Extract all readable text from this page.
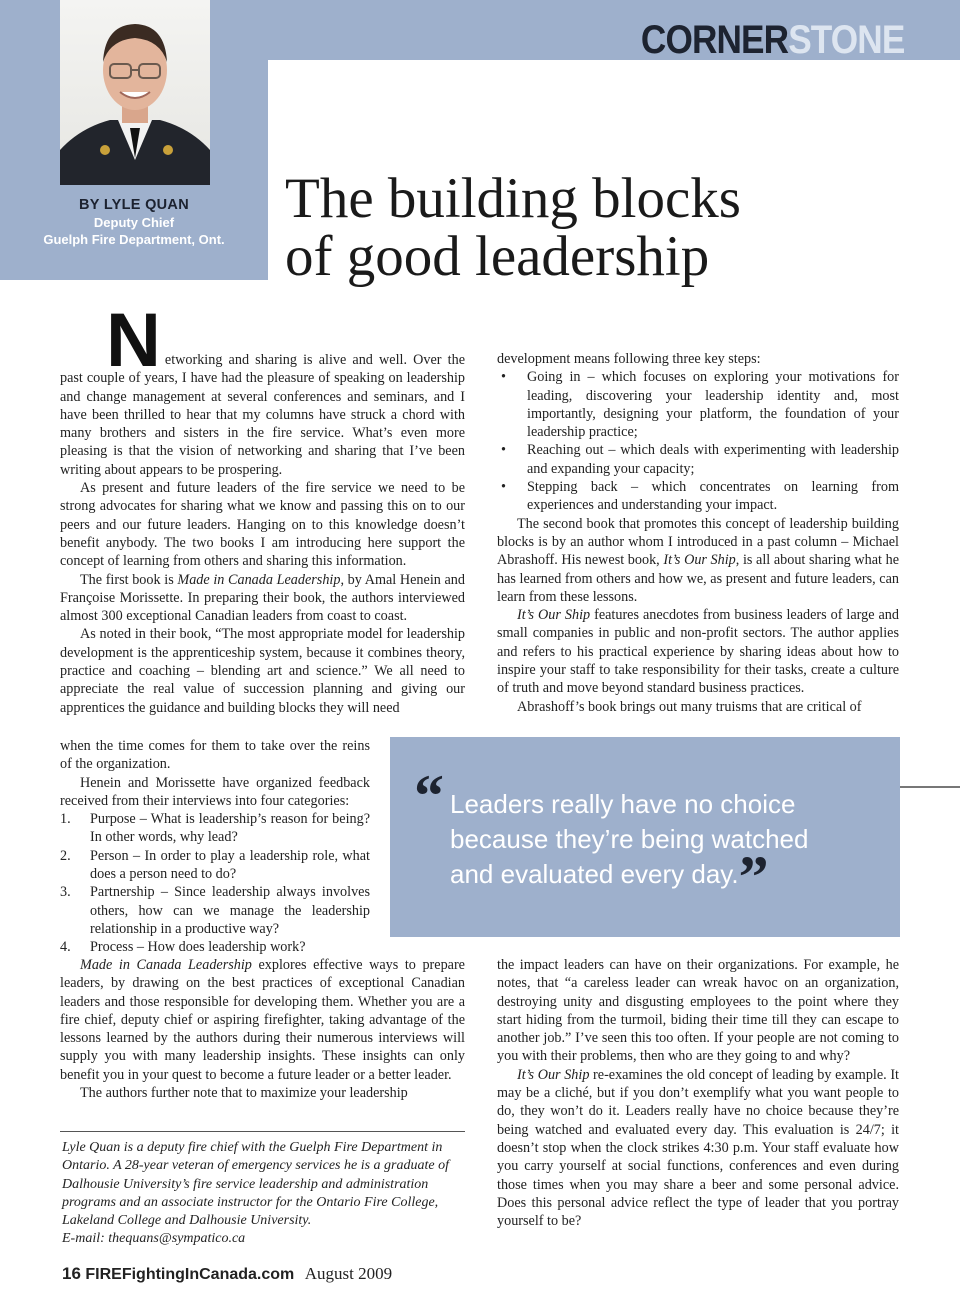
CORNERSTONE
BY LYLE QUAN
Deputy Chief
Guelph Fire Department, Ont.
The building blocks
of good leadership

Networking and sharing is alive and well. Over the past couple of years, I have had the pleasure of speaking on leadership and change management at several conferences and seminars, and I have been thrilled to hear that my columns have struck a chord with many brothers and sisters in the fire service. What’s even more pleasing is that the vision of networking and sharing that I’ve been writing about appears to be prospering.

As present and future leaders of the fire service we need to be strong advocates for sharing what we know and passing this on to our peers and our future leaders. Hanging on to this knowledge doesn’t benefit anybody. The two books I am introducing here support the concept of learning from others and sharing this information.

The first book is Made in Canada Leadership, by Amal Henein and Françoise Morissette. In preparing their book, the authors interviewed almost 300 exceptional Canadian leaders from coast to coast.

As noted in their book, “The most appropriate model for leadership development is the apprenticeship system, because it combines theory, practice and coaching – blending art and science.” We all need to appreciate the real value of succession planning and giving our apprentices the guidance and building blocks they will need

when the time comes for them to take over the reins of the organization.

Henein and Morissette have organized feedback received from their interviews into four categories:

1. Purpose – What is leadership’s reason for being? In other words, why lead?
2. Person – In order to play a leadership role, what does a person need to do?
3. Partnership – Since leadership always involves others, how can we manage the leadership relationship in a productive way?
4. Process – How does leadership work?

Made in Canada Leadership explores effective ways to prepare leaders, by drawing on the best practices of exceptional Canadian leaders and those responsible for developing them. Whether you are a fire chief, deputy chief or aspiring firefighter, taking advantage of the lessons learned by the authors during their numerous interviews will supply you with many leadership insights. These insights can only benefit you in your quest to become a future leader or a better leader.

The authors further note that to maximize your leadership

development means following three key steps:

• Going in – which focuses on exploring your motivations for leading, discovering your leadership identity and, most importantly, designing your platform, the foundation of your leadership practice;
• Reaching out – which deals with experimenting with leadership and expanding your capacity;
• Stepping back – which concentrates on learning from experiences and understanding your impact.

The second book that promotes this concept of leadership building blocks is by an author whom I introduced in a past column – Michael Abrashoff. His newest book, It’s Our Ship, is all about sharing what he has learned from others and how we, as present and future leaders, can learn from these lessons.

It’s Our Ship features anecdotes from business leaders of large and small companies in public and non-profit sectors. The author applies and refers to his practical experience by sharing ideas about how to inspire your staff to take responsibility for their tasks, create a culture of truth and move beyond standard business practices.

Abrashoff’s book brings out many truisms that are critical of

“ Leaders really have no choice
because they’re being watched
and evaluated every day.”

the impact leaders can have on their organizations. For example, he notes, that “a careless leader can wreak havoc on an organization, destroying unity and disgusting employees to the point where they start hiding from the turmoil, biding their time till they can escape to another job.” I’ve seen this too often. If your people are not coming to you with their problems, then who are they going to and why?

It’s Our Ship re-examines the old concept of leading by example. It may be a cliché, but if you don’t exemplify what you want people to do, they won’t do it. Leaders really have no choice because they’re being watched and evaluated every day. This evaluation is 24/7; it doesn’t stop when the clock strikes 4:30 p.m. Your staff evaluate how you carry yourself at social functions, conferences and even during those times when you may share a beer and some personal advice. Does this personal advice reflect the type of leader that you portray yourself to be?

Lyle Quan is a deputy fire chief with the Guelph Fire Department in Ontario. A 28-year veteran of emergency services he is a graduate of Dalhousie University’s fire service leadership and administration programs and an associate instructor for the Ontario Fire College, Lakeland College and Dalhousie University.

E-mail: thequans@sympatico.ca

16 FIREFightingInCanada.com August 2009
